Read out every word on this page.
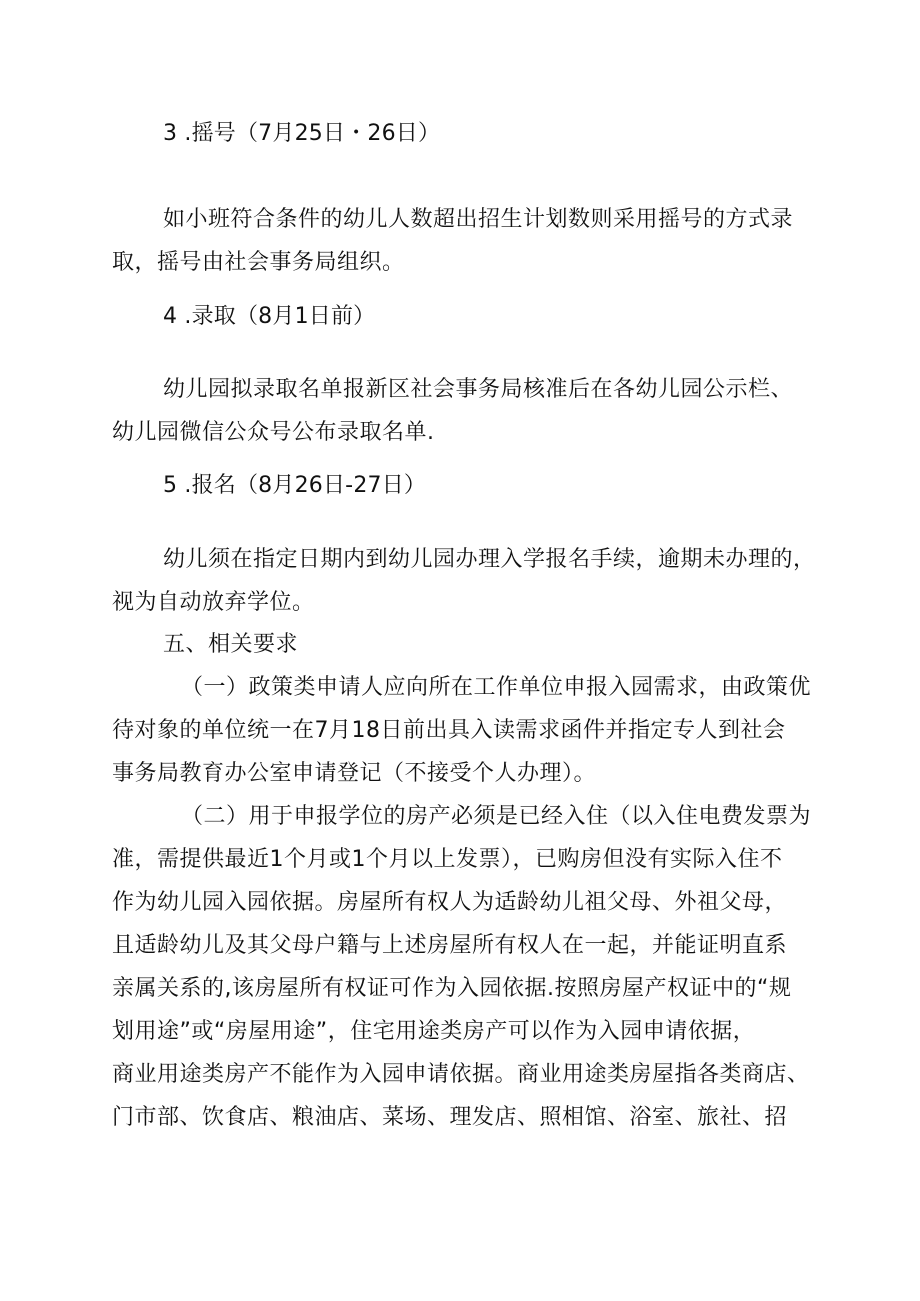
3 .摇号（7月25日・26日）
如小班符合条件的幼儿人数超出招生计划数则采用摇号的方式录
取，摇号由社会事务局组织。
4 .录取（8月1日前）
幼儿园拟录取名单报新区社会事务局核准后在各幼儿园公示栏、
幼儿园微信公众号公布录取名单.
5 .报名（8月26日-27日）
幼儿须在指定日期内到幼儿园办理入学报名手续，逾期未办理的，
视为自动放弃学位。
五、相关要求
（一）政策类申请人应向所在工作单位申报入园需求，由政策优
待对象的单位统一在7月18日前出具入读需求函件并指定专人到社会
事务局教育办公室申请登记（不接受个人办理）。
（二）用于申报学位的房产必须是已经入住（以入住电费发票为
准，需提供最近1个月或1个月以上发票），已购房但没有实际入住不
作为幼儿园入园依据。房屋所有权人为适龄幼儿祖父母、外祖父母，
且适龄幼儿及其父母户籍与上述房屋所有权人在一起，并能证明直系
亲属关系的,该房屋所有权证可作为入园依据.按照房屋产权证中的“规
划用途”或“房屋用途”，住宅用途类房产可以作为入园申请依据，
商业用途类房产不能作为入园申请依据。商业用途类房屋指各类商店、
门市部、饮食店、粮油店、菜场、理发店、照相馆、浴室、旅社、招
